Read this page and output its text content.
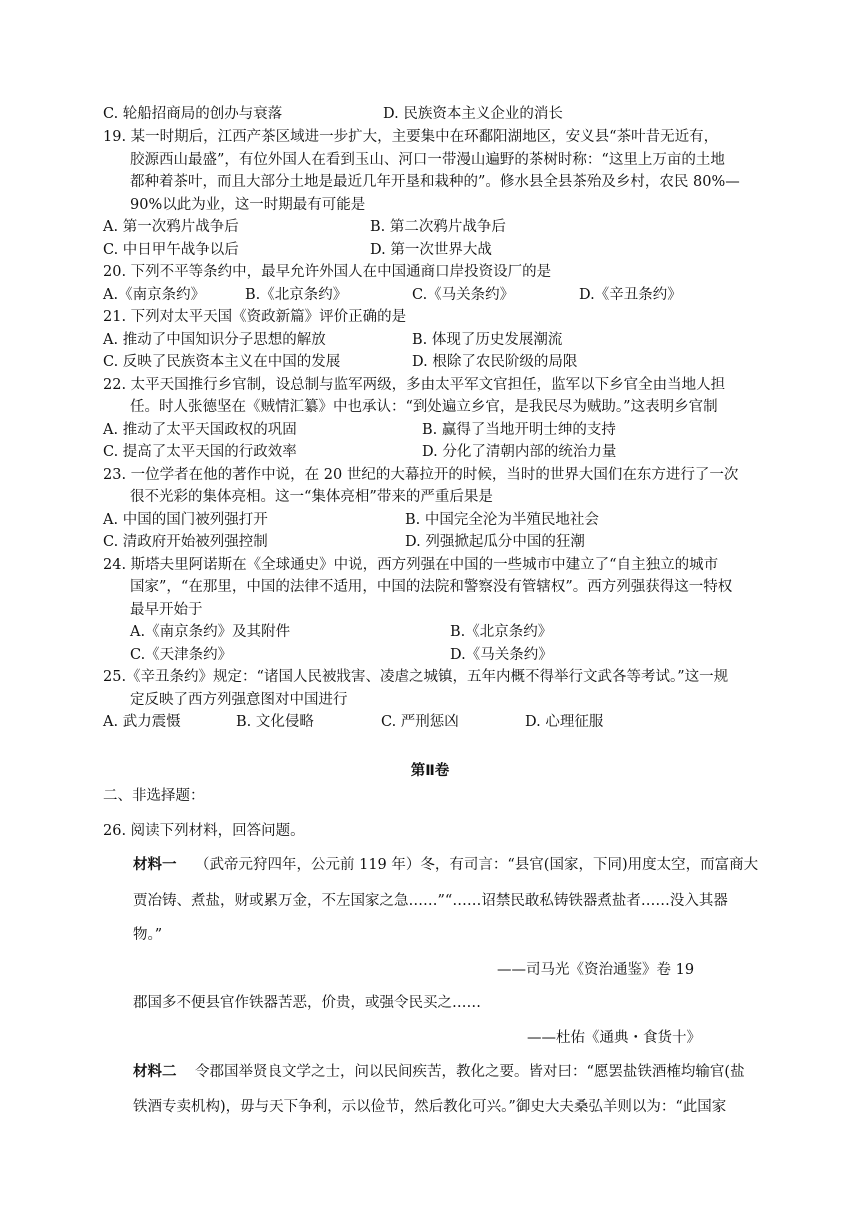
C. 轮船招商局的创办与衰落	D. 民族资本主义企业的消长
19. 某一时期后，江西产茶区域进一步扩大，主要集中在环鄱阳湖地区，安义县“茶叶昔无近有，
胶源西山最盛”，有位外国人在看到玉山、河口一带漫山遍野的茶树时称：“这里上万亩的土地
都种着茶叶，而且大部分土地是最近几年开垦和栽种的”。修水县全县茶殆及乡村，农民 80%—
90%以此为业，这一时期最有可能是
A. 第一次鸦片战争后	B. 第二次鸦片战争后
C. 中日甲午战争以后	D. 第一次世界大战
20. 下列不平等条约中，最早允许外国人在中国通商口岸投资设厂的是
A.《南京条约》	B.《北京条约》	C.《马关条约》	D.《辛丑条约》
21. 下列对太平天国《资政新篇》评价正确的是
A. 推动了中国知识分子思想的解放	B. 体现了历史发展潮流
C. 反映了民族资本主义在中国的发展	D. 根除了农民阶级的局限
22. 太平天国推行乡官制，设总制与监军两级，多由太平军文官担任，监军以下乡官全由当地人担
任。时人张德坚在《贼情汇纂》中也承认：“到处遍立乡官，是我民尽为贼助。”这表明乡官制
A. 推动了太平天国政权的巩固	B. 赢得了当地开明士绅的支持
C. 提高了太平天国的行政效率	D. 分化了清朝内部的统治力量
23. 一位学者在他的著作中说，在 20 世纪的大幕拉开的时候，当时的世界大国们在东方进行了一次
很不光彩的集体亮相。这一“集体亮相”带来的严重后果是
A. 中国的国门被列强打开	B. 中国完全沦为半殖民地社会
C. 清政府开始被列强控制	D. 列强掀起瓜分中国的狂潮
24. 斯塔夫里阿诺斯在《全球通史》中说，西方列强在中国的一些城市中建立了“自主独立的城市
国家”，“在那里，中国的法律不适用，中国的法院和警察没有管辖权”。西方列强获得这一特权
最早开始于
A.《南京条约》及其附件	B.《北京条约》
C.《天津条约》	D.《马关条约》
25.《辛丑条约》规定：“诸国人民被戕害、凌虐之城镇，五年内概不得举行文武各等考试。”这一规
定反映了西方列强意图对中国进行
A. 武力震慑	B. 文化侵略	C. 严刑惩凶	D. 心理征服
第Ⅱ卷
二、非选择题：
26. 阅读下列材料，回答问题。
材料一 （武帝元狩四年，公元前 119 年）冬，有司言：“县官(国家，下同)用度太空，而富商大
贾冶铸、煮盐，财或累万金，不左国家之急……”“……诏禁民敢私铸铁器煮盐者……没入其器
物。”
——司马光《资治通鉴》卷 19
郡国多不便县官作铁器苦恶，价贵，或强令民买之……
——杜佑《通典・食货十》
材料二 令郡国举贤良文学之士，问以民间疾苦，教化之要。皆对曰：“愿罢盐铁酒榷均输官(盐
铁酒专卖机构)，毋与天下争利，示以俭节，然后教化可兴。”御史大夫桑弘羊则以为：“此国家
